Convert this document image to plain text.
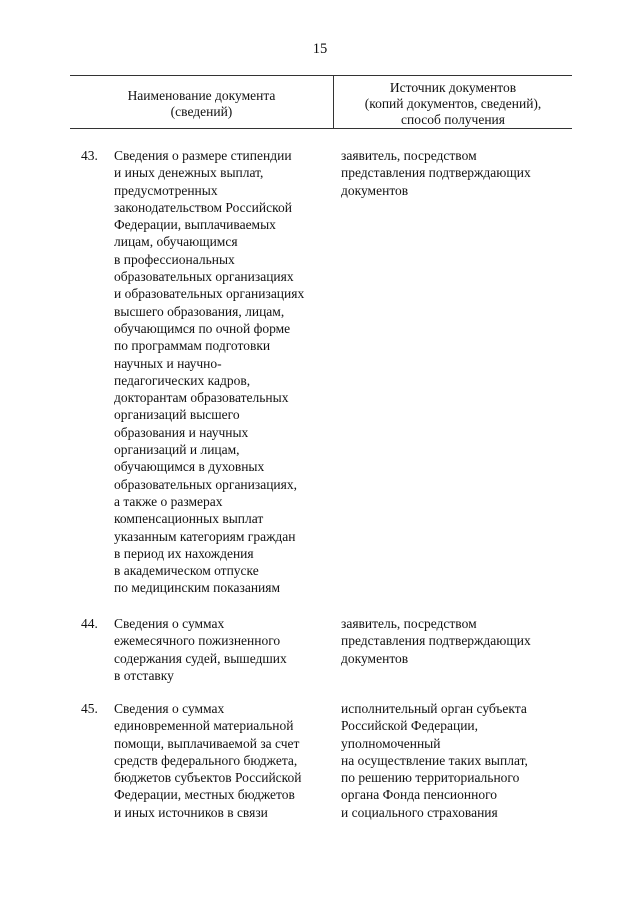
15
Наименование документа
(сведений)
Источник документов
(копий документов, сведений),
способ получения
43. Сведения о размере стипендии
и иных денежных выплат,
предусмотренных
законодательством Российской
Федерации, выплачиваемых
лицам, обучающимся
в профессиональных
образовательных организациях
и образовательных организациях
высшего образования, лицам,
обучающимся по очной форме
по программам подготовки
научных и научно-
педагогических кадров,
докторантам образовательных
организаций высшего
образования и научных
организаций и лицам,
обучающимся в духовных
образовательных организациях,
а также о размерах
компенсационных выплат
указанным категориям граждан
в период их нахождения
в академическом отпуске
по медицинским показаниям
заявитель, посредством
представления подтверждающих
документов
44. Сведения о суммах
ежемесячного пожизненного
содержания судей, вышедших
в отставку
заявитель, посредством
представления подтверждающих
документов
45. Сведения о суммах
единовременной материальной
помощи, выплачиваемой за счет
средств федерального бюджета,
бюджетов субъектов Российской
Федерации, местных бюджетов
и иных источников в связи
исполнительный орган субъекта
Российской Федерации,
уполномоченный
на осуществление таких выплат,
по решению территориального
органа Фонда пенсионного
и социального страхования
